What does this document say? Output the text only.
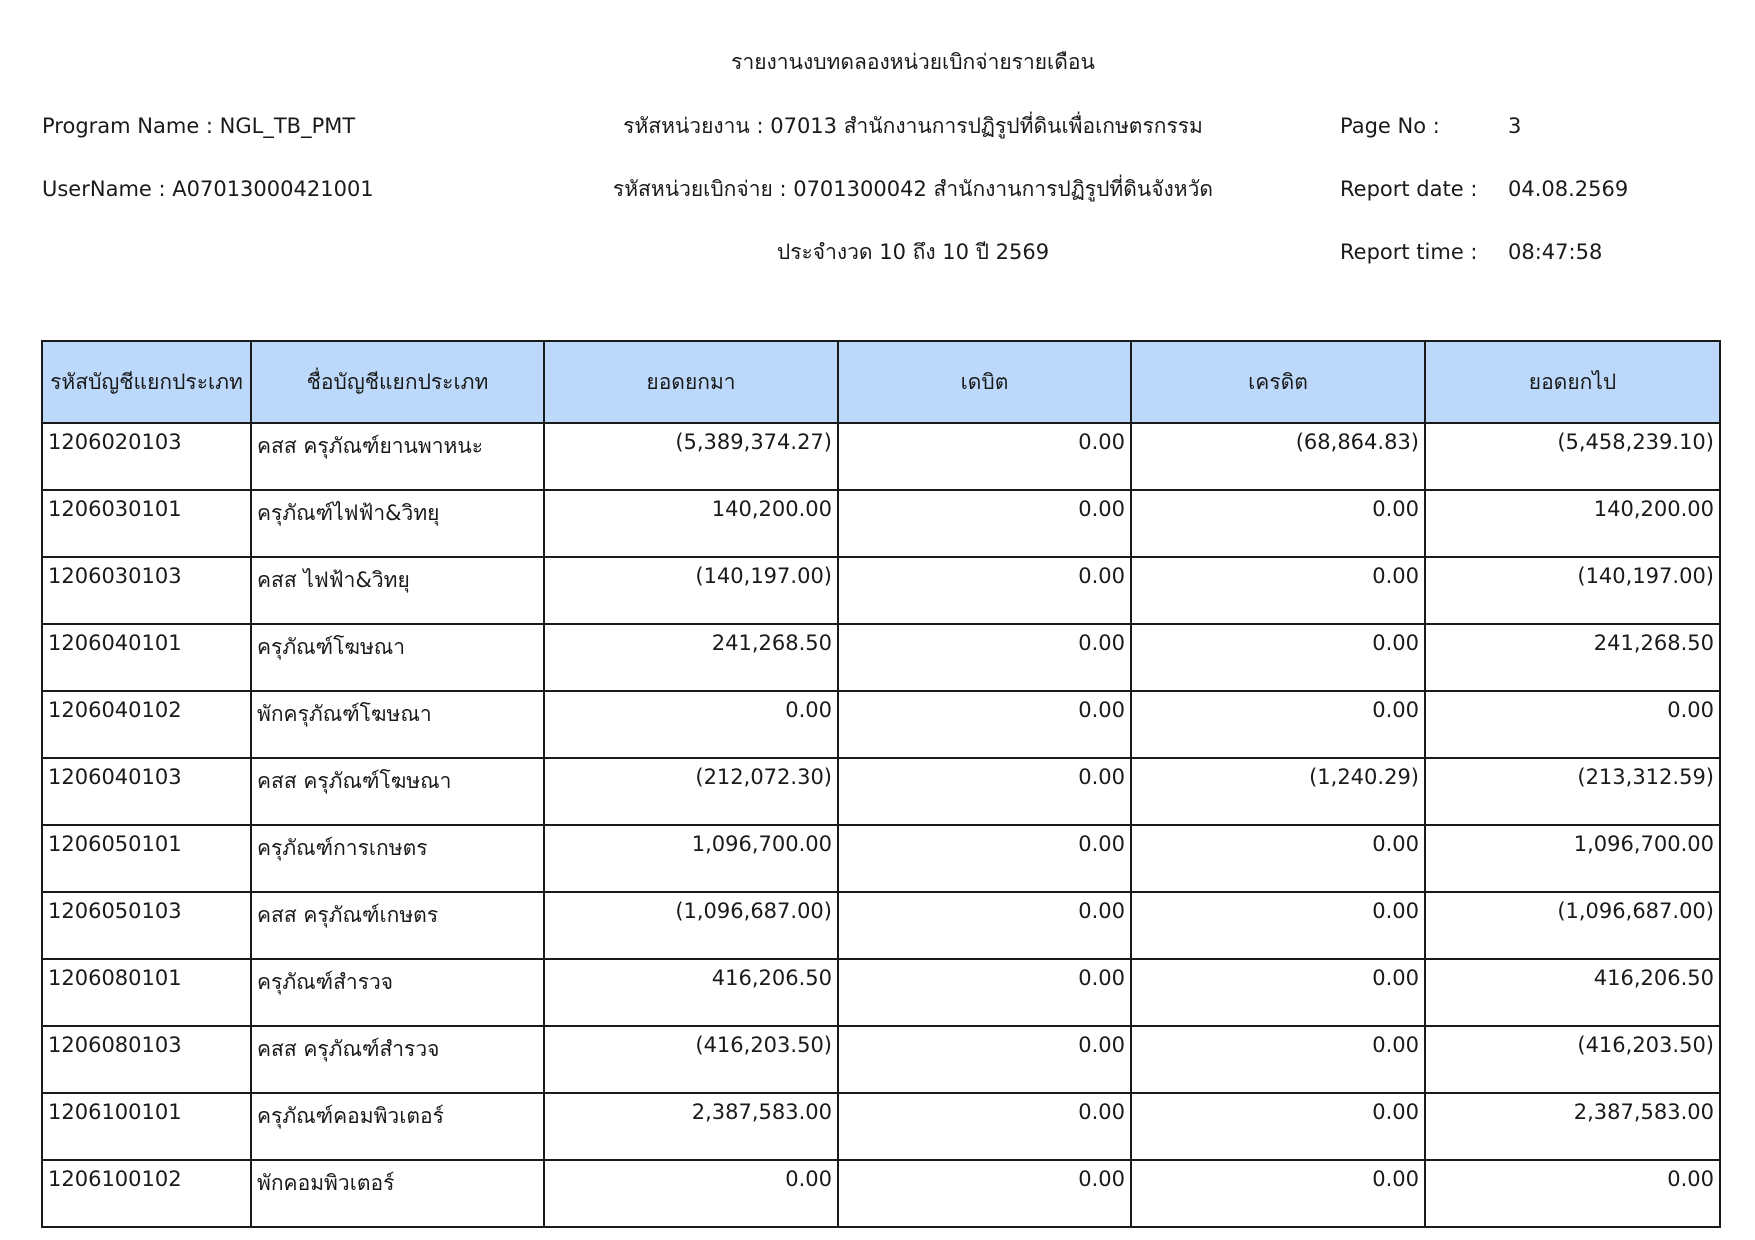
รายงานงบทดลองหน่วยเบิกจ่ายรายเดือน
Program Name : NGL_TB_PMT	รหัสหน่วยงาน : 07013 สำนักงานการปฏิรูปที่ดินเพื่อเกษตรกรรม	Page No :	3
UserName : A07013000421001	รหัสหน่วยเบิกจ่าย : 0701300042 สำนักงานการปฏิรูปที่ดินจังหวัด	Report date : 04.08.2569
ประจำงวด 10 ถึง 10 ปี 2569	Report time : 08:47:58
รหัสบัญชีแยกประเภท	ชื่อบัญชีแยกประเภท	ยอดยกมา	เดบิต	เครดิต	ยอดยกไป
1206020103	คสส ครุภัณฑ์ยานพาหนะ	(5,389,374.27)	0.00	(68,864.83)	(5,458,239.10)
1206030101	ครุภัณฑ์ไฟฟ้า&วิทยุ	140,200.00	0.00	0.00	140,200.00
1206030103	คสส ไฟฟ้า&วิทยุ	(140,197.00)	0.00	0.00	(140,197.00)
1206040101	ครุภัณฑ์โฆษณา	241,268.50	0.00	0.00	241,268.50
1206040102	พักครุภัณฑ์โฆษณา	0.00	0.00	0.00	0.00
1206040103	คสส ครุภัณฑ์โฆษณา	(212,072.30)	0.00	(1,240.29)	(213,312.59)
1206050101	ครุภัณฑ์การเกษตร	1,096,700.00	0.00	0.00	1,096,700.00
1206050103	คสส ครุภัณฑ์เกษตร	(1,096,687.00)	0.00	0.00	(1,096,687.00)
1206080101	ครุภัณฑ์สำรวจ	416,206.50	0.00	0.00	416,206.50
1206080103	คสส ครุภัณฑ์สำรวจ	(416,203.50)	0.00	0.00	(416,203.50)
1206100101	ครุภัณฑ์คอมพิวเตอร์	2,387,583.00	0.00	0.00	2,387,583.00
1206100102	พักคอมพิวเตอร์	0.00	0.00	0.00	0.00
